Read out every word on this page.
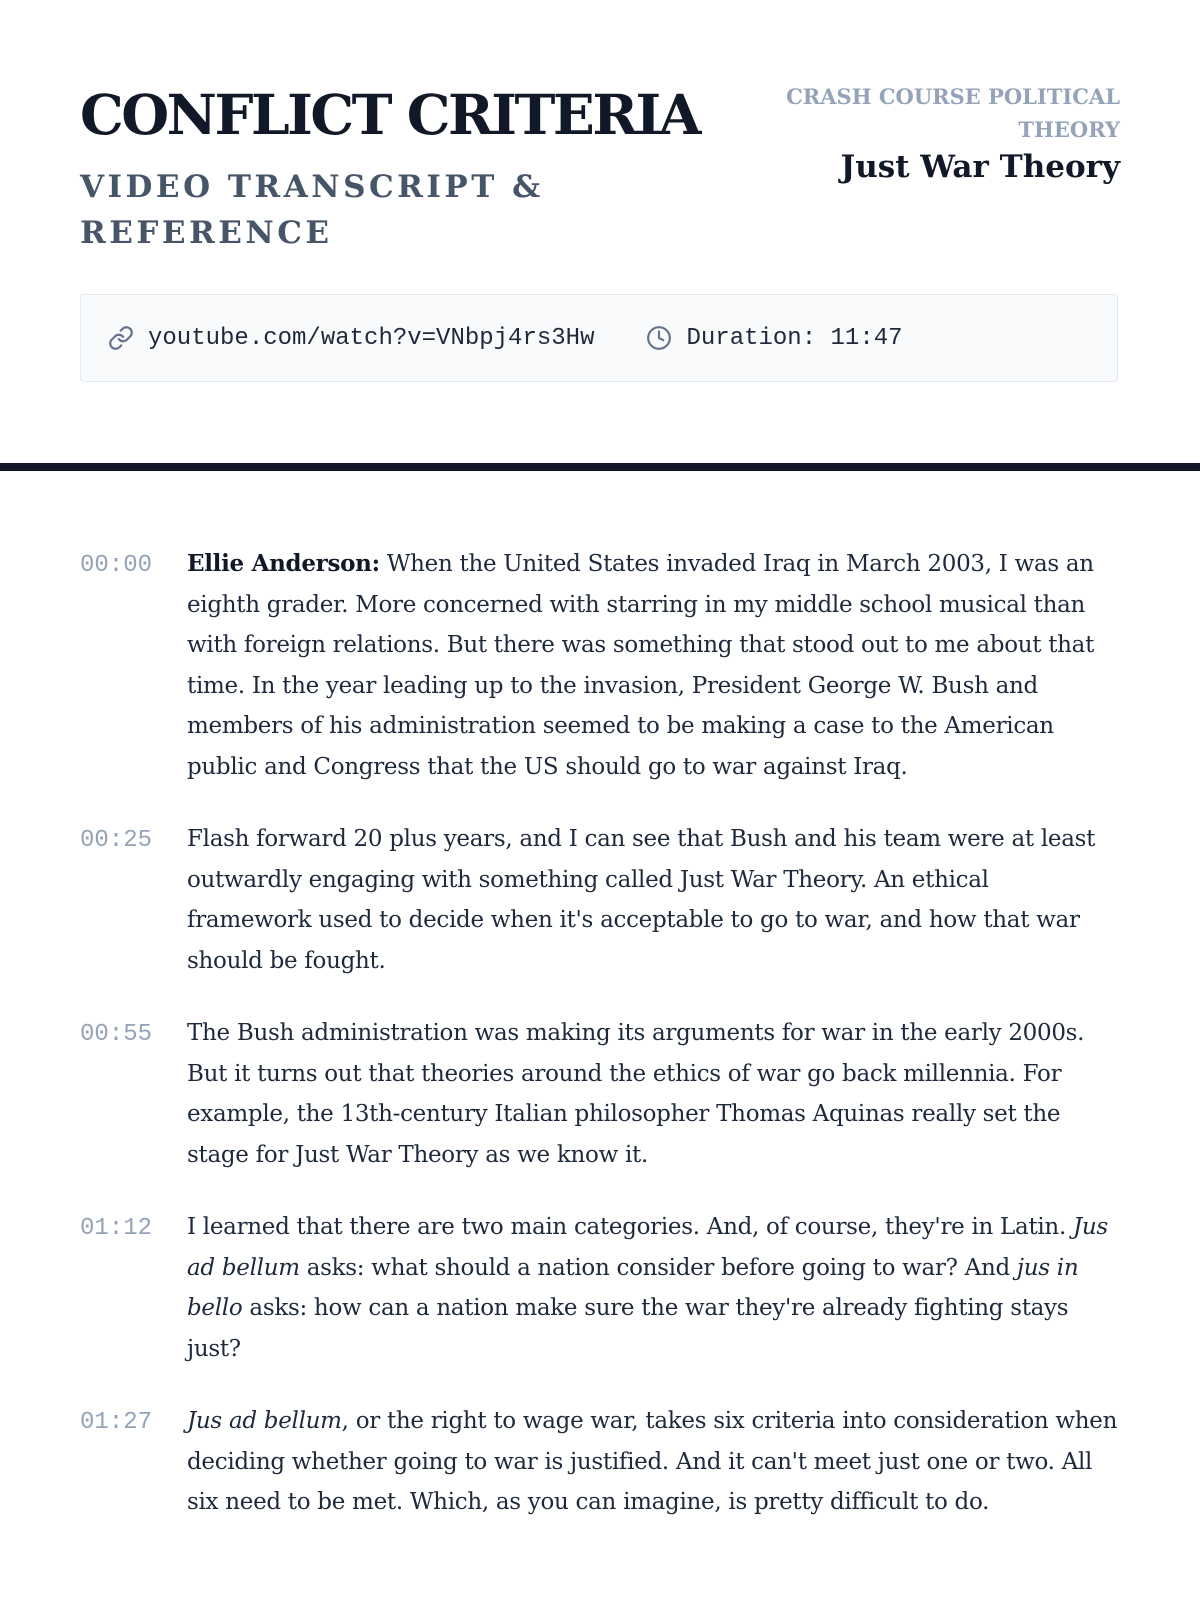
CONFLICT CRITERIA
VIDEO TRANSCRIPT & REFERENCE
CRASH COURSE POLITICAL THEORY
Just War Theory
youtube.com/watch?v=VNbpj4rs3Hw	Duration: 11:47
00:00	Ellie Anderson: When the United States invaded Iraq in March 2003, I was an eighth grader. More concerned with starring in my middle school musical than with foreign relations. But there was something that stood out to me about that time. In the year leading up to the invasion, President George W. Bush and members of his administration seemed to be making a case to the American public and Congress that the US should go to war against Iraq.

00:25	Flash forward 20 plus years, and I can see that Bush and his team were at least outwardly engaging with something called Just War Theory. An ethical framework used to decide when it's acceptable to go to war, and how that war should be fought.

00:55	The Bush administration was making its arguments for war in the early 2000s. But it turns out that theories around the ethics of war go back millennia. For example, the 13th-century Italian philosopher Thomas Aquinas really set the stage for Just War Theory as we know it.

01:12	I learned that there are two main categories. And, of course, they're in Latin. Jus ad bellum asks: what should a nation consider before going to war? And jus in bello asks: how can a nation make sure the war they're already fighting stays just?

01:27	Jus ad bellum, or the right to wage war, takes six criteria into consideration when deciding whether going to war is justified. And it can't meet just one or two. All six need to be met. Which, as you can imagine, is pretty difficult to do.
